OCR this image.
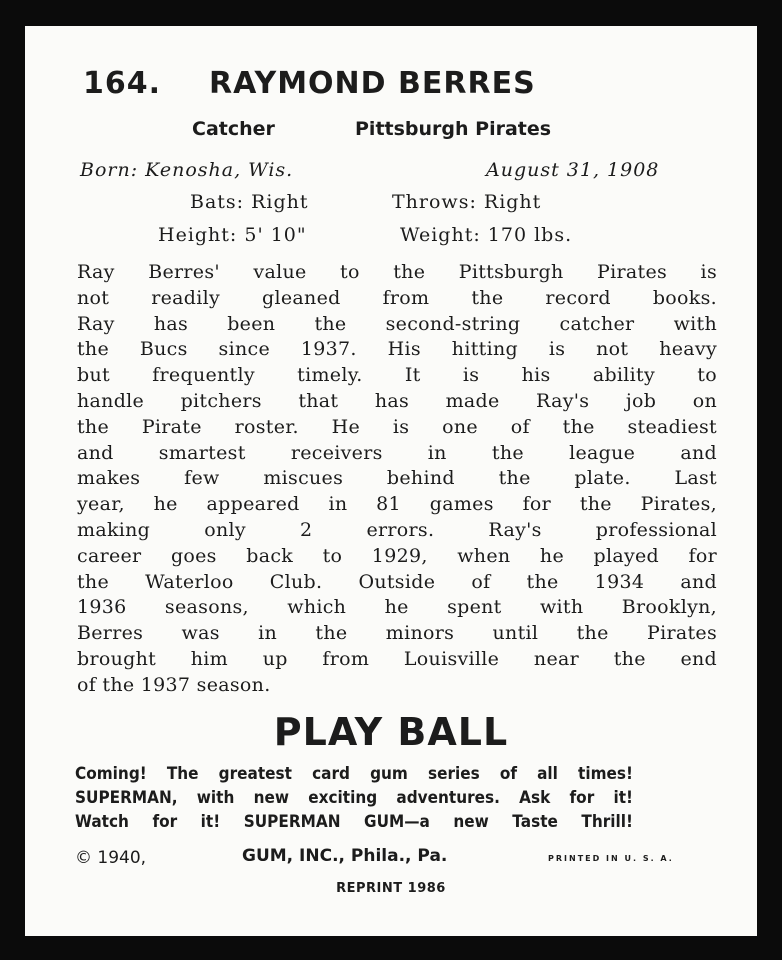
164. RAYMOND BERRES
Catcher	Pittsburgh Pirates
Born: Kenosha, Wis.	August 31, 1908
Bats: Right	Throws: Right
Height: 5' 10"	Weight: 170 lbs.
Ray Berres' value to the Pittsburgh Pirates is
not readily gleaned from the record books.
Ray has been the second-string catcher with
the Bucs since 1937. His hitting is not heavy
but frequently timely. It is his ability to
handle pitchers that has made Ray's job on
the Pirate roster. He is one of the steadiest
and smartest receivers in the league and
makes few miscues behind the plate. Last
year, he appeared in 81 games for the Pirates,
making only 2 errors. Ray's professional
career goes back to 1929, when he played for
the Waterloo Club. Outside of the 1934 and
1936 seasons, which he spent with Brooklyn,
Berres was in the minors until the Pirates
brought him up from Louisville near the end
of the 1937 season.
PLAY BALL
Coming! The greatest card gum series of all times!
SUPERMAN, with new exciting adventures. Ask for it!
Watch for it! SUPERMAN GUM—a new Taste Thrill!
© 1940,	GUM, INC., Phila., Pa.	PRINTED IN U. S. A.
REPRINT 1986
